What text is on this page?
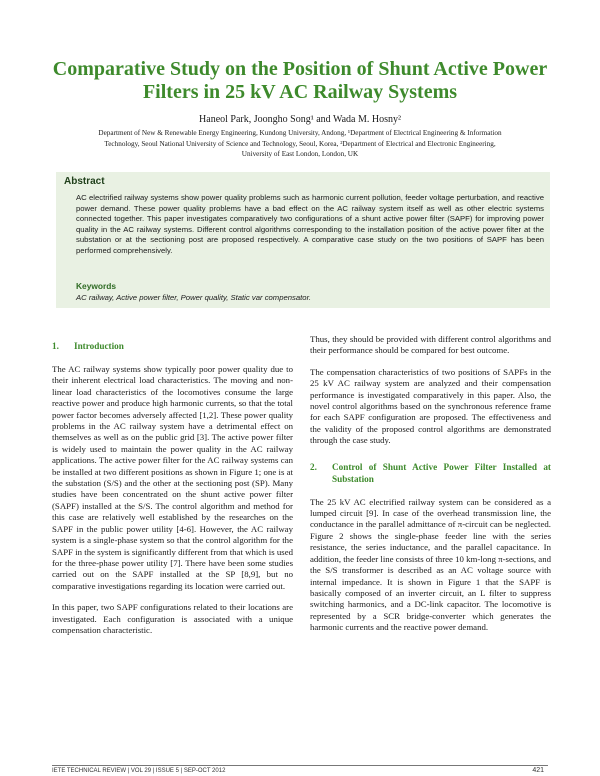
Comparative Study on the Position of Shunt Active Power
Filters in 25 kV AC Railway Systems
Haneol Park, Joongho Song¹ and Wada M. Hosny²
Department of New & Renewable Energy Engineering, Kundong University, Andong, ¹Department of Electrical Engineering & Information
Technology, Seoul National University of Science and Technology, Seoul, Korea, ²Department of Electrical and Electronic Engineering,
University of East London, London, UK
Abstract
AC electrified railway systems show power quality problems such as harmonic current pollution, feeder voltage perturbation, and reactive power demand. These power quality problems have a bad effect on the AC railway system itself as well as other electric systems connected together. This paper investigates comparatively two configurations of a shunt active power filter (SAPF) for improving power quality in the AC railway systems. Different control algorithms corresponding to the installation position of the active power filter at the substation or at the sectioning post are proposed respectively. A comparative case study on the two positions of SAPF has been performed comprehensively.
Keywords
AC railway, Active power filter, Power quality, Static var compensator.
1.	Introduction

The AC railway systems show typically poor power quality due to their inherent electrical load characteristics. The moving and non-linear load characteristics of the locomotives consume the large reactive power and produce high harmonic currents, so that the total power factor becomes adversely affected [1,2]. These power quality problems in the AC railway system have a detrimental effect on themselves as well as on the public grid [3]. The active power filter is widely used to maintain the power quality in the AC railway applications. The active power filter for the AC railway systems can be installed at two different positions as shown in Figure 1; one is at the substation (S/S) and the other at the sectioning post (SP). Many studies have been concentrated on the shunt active power filter (SAPF) installed at the S/S. The control algorithm and method for this case are relatively well established by the researches on the SAPF in the public power utility [4-6]. However, the AC railway system is a single-phase system so that the control algorithm for the SAPF in the system is significantly different from that which is used for the three-phase power utility [7]. There have been some studies carried out on the SAPF installed at the SP [8,9], but no comparative investigations regarding its location were carried out.

In this paper, two SAPF configurations related to their locations are investigated. Each configuration is associated with a unique compensation characteristic.

Thus, they should be provided with different control algorithms and their performance should be compared for best outcome.

The compensation characteristics of two positions of SAPFs in the 25 kV AC railway system are analyzed and their compensation performance is investigated comparatively in this paper. Also, the novel control algorithms based on the synchronous reference frame for each SAPF configuration are proposed. The effectiveness and the validity of the proposed control algorithms are demonstrated through the case study.

2.	Control of Shunt Active Power Filter Installed at Substation

The 25 kV AC electrified railway system can be considered as a lumped circuit [9]. In case of the overhead transmission line, the conductance in the parallel admittance of π-circuit can be neglected. Figure 2 shows the single-phase feeder line with the series resistance, the series inductance, and the parallel capacitance. In addition, the feeder line consists of three 10 km-long π-sections, and the S/S transformer is described as an AC voltage source with internal impedance. It is shown in Figure 1 that the SAPF is basically composed of an inverter circuit, an L filter to suppress switching harmonics, and a DC-link capacitor. The locomotive is represented by a SCR bridge-converter which generates the harmonic currents and the reactive power demand.

IETE TECHNICAL REVIEW | VOL 29 | ISSUE 5 | SEP-OCT 2012	421
